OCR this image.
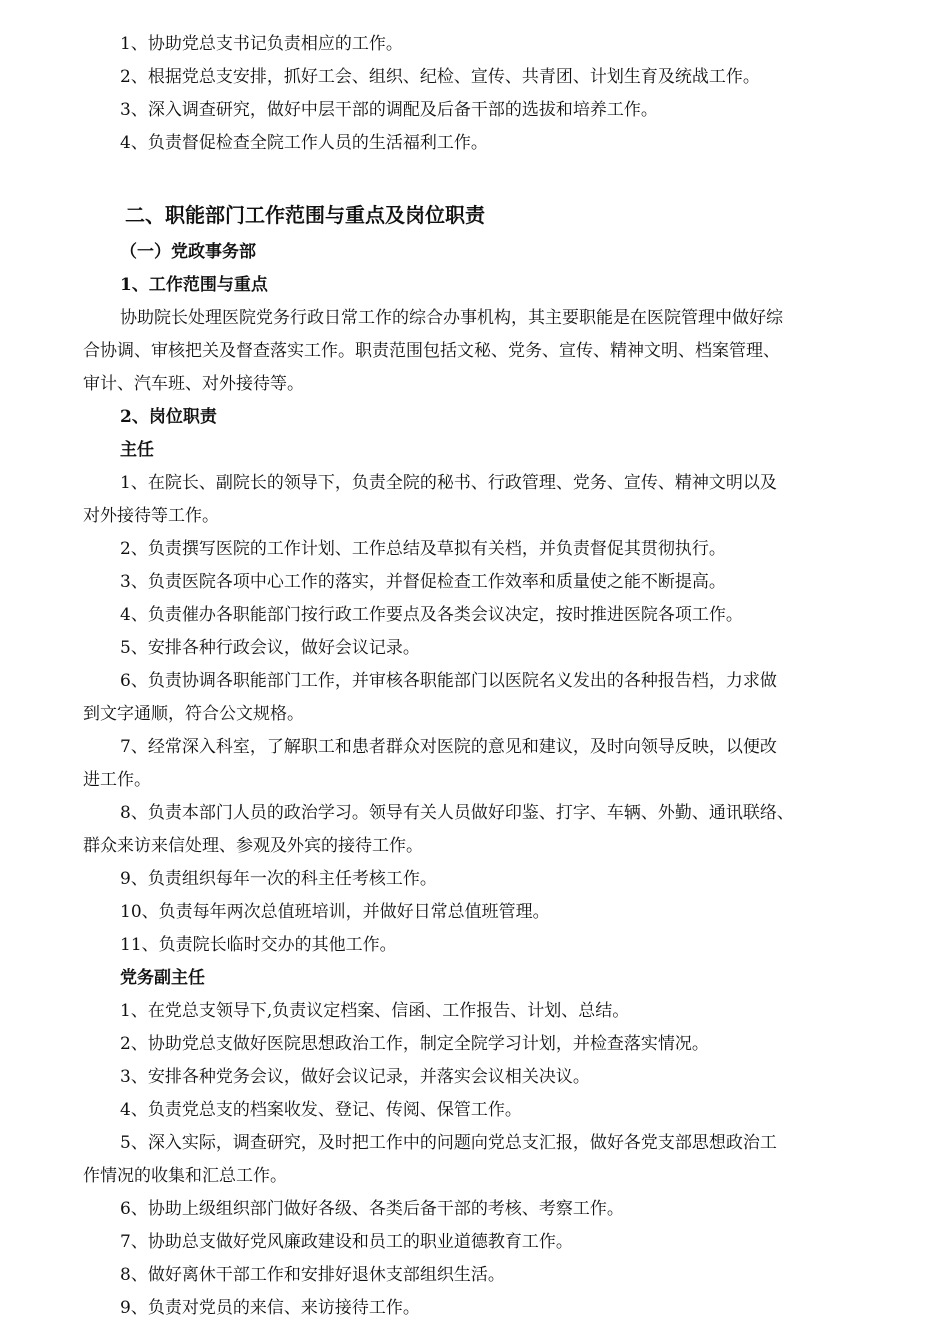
1、协助党总支书记负责相应的工作。

2、根据党总支安排，抓好工会、组织、纪检、宣传、共青团、计划生育及统战工作。

3、深入调查研究，做好中层干部的调配及后备干部的选拔和培养工作。

4、负责督促检查全院工作人员的生活福利工作。

二、职能部门工作范围与重点及岗位职责
（一）党政事务部
1、工作范围与重点

协助院长处理医院党务行政日常工作的综合办事机构，其主要职能是在医院管理中做好综

合协调、审核把关及督查落实工作。职责范围包括文秘、党务、宣传、精神文明、档案管理、

审计、汽车班、对外接待等。

2、岗位职责
主任

1、在院长、副院长的领导下，负责全院的秘书、行政管理、党务、宣传、精神文明以及

对外接待等工作。

2、负责撰写医院的工作计划、工作总结及草拟有关档，并负责督促其贯彻执行。

3、负责医院各项中心工作的落实，并督促检查工作效率和质量使之能不断提高。

4、负责催办各职能部门按行政工作要点及各类会议决定，按时推进医院各项工作。

5、安排各种行政会议，做好会议记录。

6、负责协调各职能部门工作，并审核各职能部门以医院名义发出的各种报告档，力求做

到文字通顺，符合公文规格。

7、经常深入科室，了解职工和患者群众对医院的意见和建议，及时向领导反映，以便改

进工作。

8、负责本部门人员的政治学习。领导有关人员做好印鉴、打字、车辆、外勤、通讯联络、

群众来访来信处理、参观及外宾的接待工作。

9、负责组织每年一次的科主任考核工作。

10、负责每年两次总值班培训，并做好日常总值班管理。

11、负责院长临时交办的其他工作。

党务副主任

1、在党总支领导下,负责议定档案、信函、工作报告、计划、总结。

2、协助党总支做好医院思想政治工作，制定全院学习计划，并检查落实情况。

3、安排各种党务会议，做好会议记录，并落实会议相关决议。

4、负责党总支的档案收发、登记、传阅、保管工作。

5、深入实际，调查研究，及时把工作中的问题向党总支汇报，做好各党支部思想政治工

作情况的收集和汇总工作。

6、协助上级组织部门做好各级、各类后备干部的考核、考察工作。

7、协助总支做好党风廉政建设和员工的职业道德教育工作。

8、做好离休干部工作和安排好退休支部组织生活。

9、负责对党员的来信、来访接待工作。
